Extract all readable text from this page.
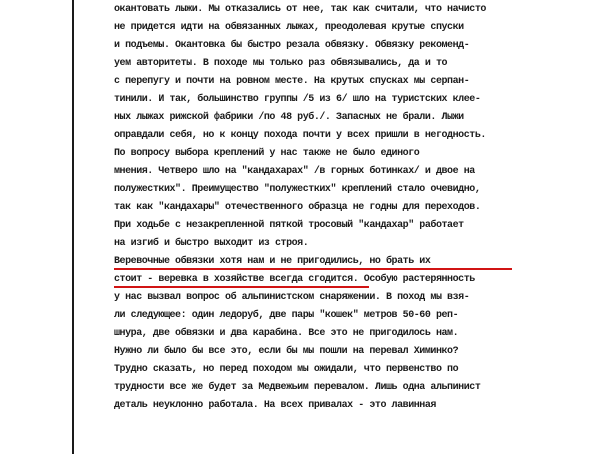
окантовать лыжи. Мы отказались от нее, так как считали, что начисто
не придется идти на обвязанных лыжах, преодолевая крутые спуски
и подъемы. Окантовка бы быстро резала обвязку. Обвязку рекоменд-
уем авторитеты. В походе мы только раз обвязывались, да и то
с перепугу и почти на ровном месте. На крутых спусках мы серпан-
тинили. И так, большинство группы /5 из 6/ шло на туристских клее-
ных лыжах рижской фабрики /по 48 руб./. Запасных не брали. Лыжи
оправдали себя, но к концу похода почти у всех пришли в негодность.
По вопросу выбора креплений у нас также не было единого
мнения. Четверо шло на "кандахарах" /в горных ботинках/ и двое на
полужестких". Преимущество "полужестких" креплений стало очевидно,
так как "кандахары" отечественного образца не годны для переходов.
При ходьбе с незакрепленной пяткой тросовый "кандахар" работает
на изгиб и быстро выходит из строя.
Веревочные обвязки хотя нам и не пригодились, но брать их
стоит - веревка в хозяйстве всегда сгодится. Особую растерянность
у нас вызвал вопрос об альпинистском снаряжении. В поход мы взя-
ли следующее: один ледоруб, две пары "кошек" метров 50-60 реп-
шнура, две обвязки и два карабина. Все это не пригодилось нам.
Нужно ли было бы все это, если бы мы пошли на перевал Химинко?
Трудно сказать, но перед походом мы ожидали, что первенство по
трудности все же будет за Медвежьим перевалом. Лишь одна альпинист
деталь неуклонно работала. На всех привалах - это лавинная
